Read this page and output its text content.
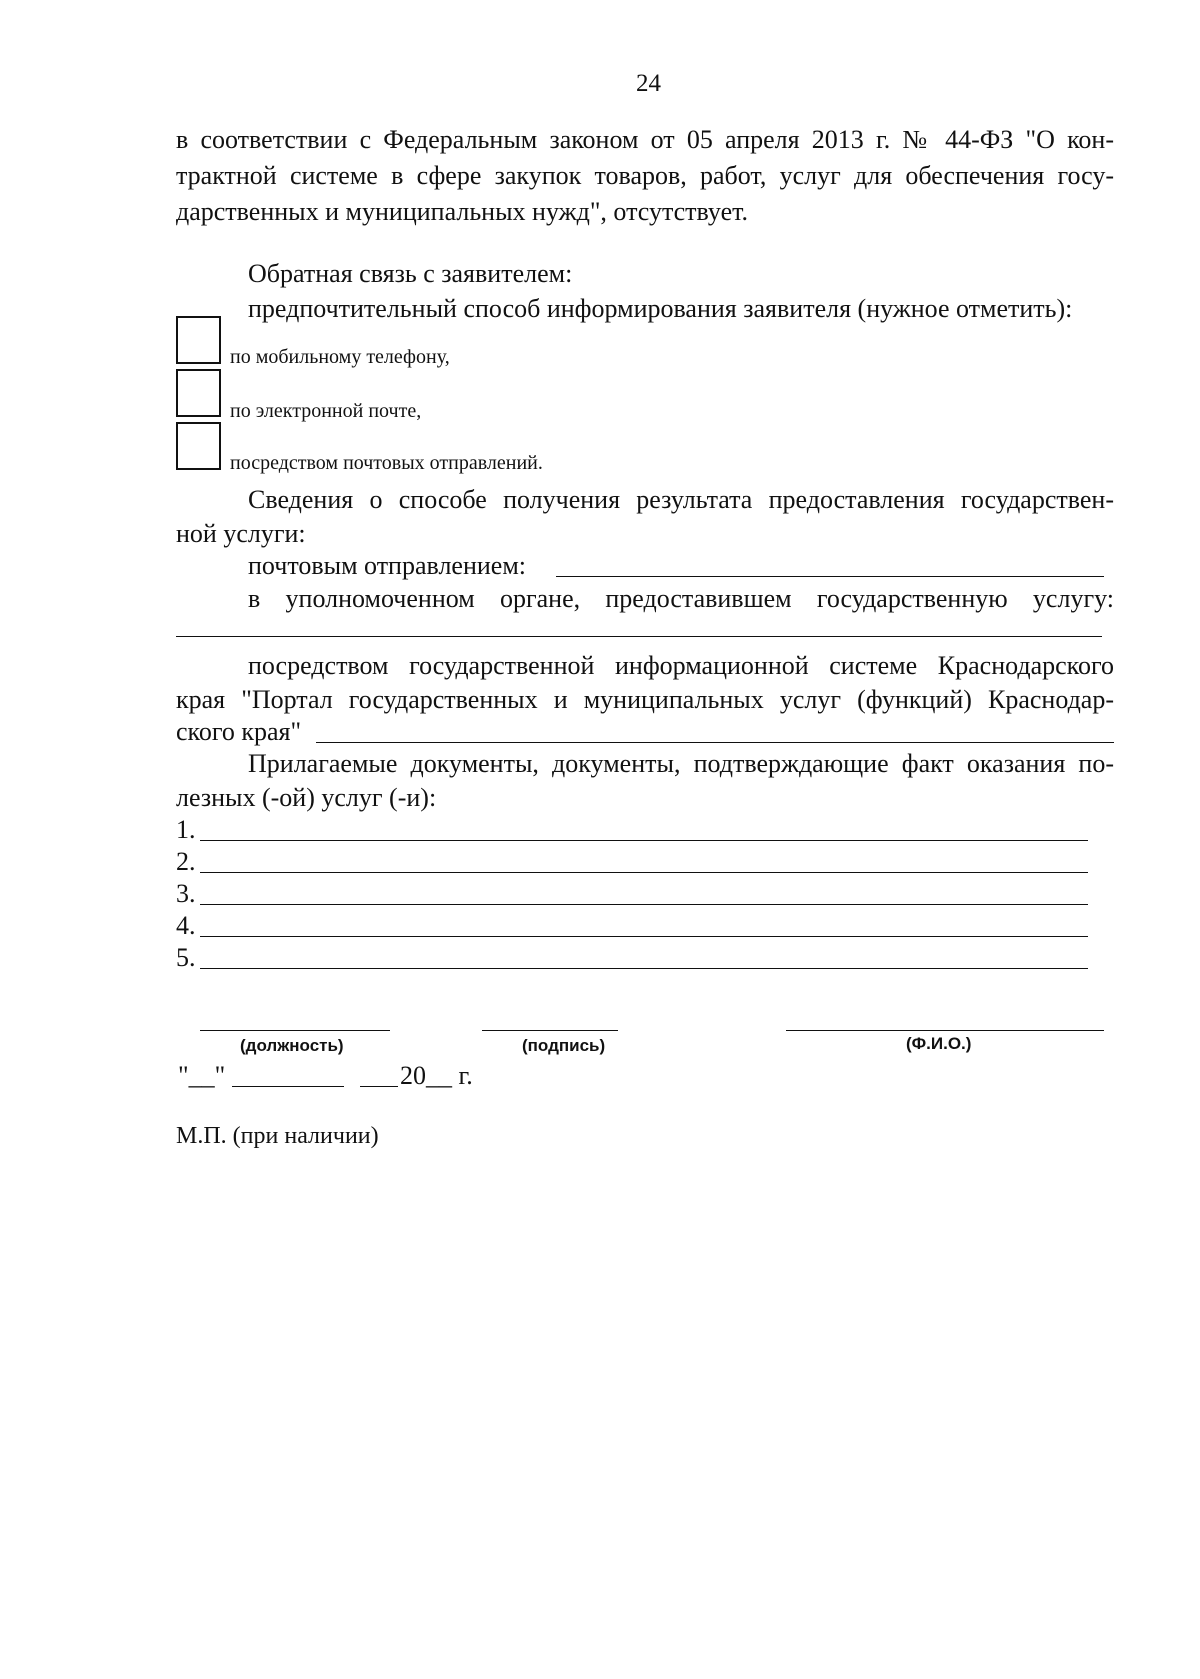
24
в соответствии с Федеральным законом от 05 апреля 2013 г. № 44-ФЗ "О кон-
трактной системе в сфере закупок товаров, работ, услуг для обеспечения госу-
дарственных и муниципальных нужд", отсутствует.
Обратная связь с заявителем:
предпочтительный способ информирования заявителя (нужное отметить):
по мобильному телефону,
по электронной почте,
посредством почтовых отправлений.
Сведения о способе получения результата предоставления государствен-
ной услуги:
почтовым отправлением:
в уполномоченном органе, предоставившем государственную услугу:
посредством государственной информационной системе Краснодарского
края "Портал государственных и муниципальных услуг (функций) Краснодар-
ского края"
Прилагаемые документы, документы, подтверждающие факт оказания по-
лезных (-ой) услуг (-и):
1.
2.
3.
4.
5.
(должность)	(подпись)	(Ф.И.О.)
"__"	20__ г.
М.П. (при наличии)
